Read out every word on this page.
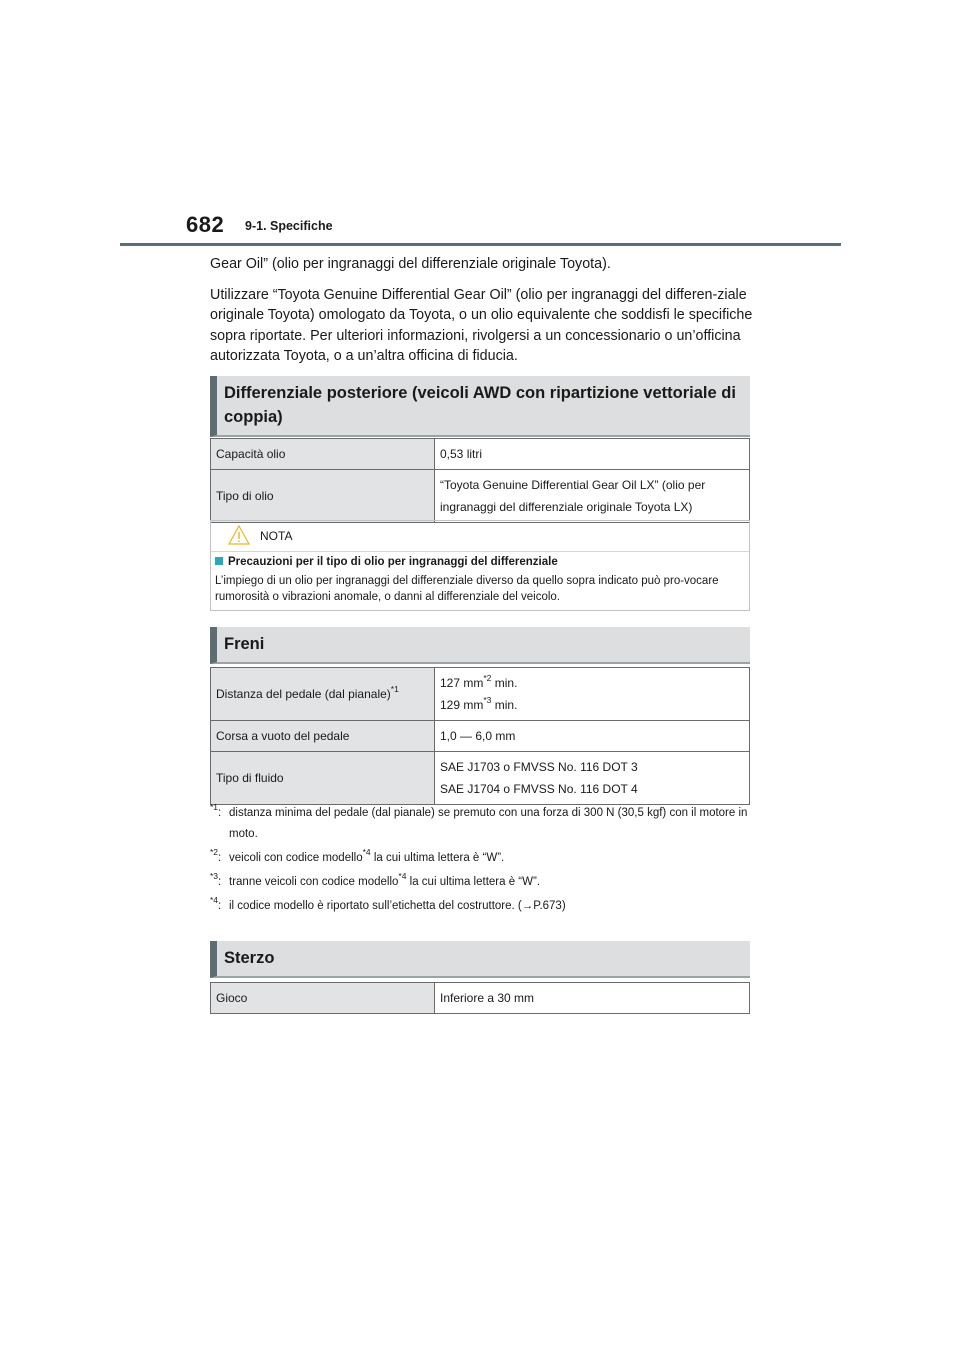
682 9-1. Specifiche

Gear Oil” (olio per ingranaggi del differenziale originale Toyota).

Utilizzare “Toyota Genuine Differential Gear Oil” (olio per ingranaggi del differen-ziale originale Toyota) omologato da Toyota, o un olio equivalente che soddisfi le specifiche sopra riportate. Per ulteriori informazioni, rivolgersi a un concessionario o un’officina autorizzata Toyota, o a un’altra officina di fiducia.

Differenziale posteriore (veicoli AWD con ripartizione vettoriale di coppia)
Capacità olio	0,53 litri
Tipo di olio	“Toyota Genuine Differential Gear Oil LX” (olio per ingranaggi del differenziale originale Toyota LX)
NOTA
Precauzioni per il tipo di olio per ingranaggi del differenziale
L’impiego di un olio per ingranaggi del differenziale diverso da quello sopra indicato può pro-vocare rumorosità o vibrazioni anomale, o danni al differenziale del veicolo.
Freni
Distanza del pedale (dal pianale)$^{*1}$	127 $mm^{*2}$ min.
129 $mm^{*3}$ min.

Corsa a vuoto del pedale	1,0 — 6,0 mm
Tipo di fluido	SAE J1703 o FMVSS No. 116 DOT 3
SAE J1704 o FMVSS No. 116 DOT 4
$^{*1}$: distanza minima del pedale (dal pianale) se premuto con una forza di 300 N (30,5 kgf) con il motore in moto.
$^{*2}$: veicoli con codice modello$^{*4}$ la cui ultima lettera è “W”.
$^{*3}$: tranne veicoli con codice modello$^{*4}$ la cui ultima lettera è “W”.
$^{*4}$: il codice modello è riportato sull’etichetta del costruttore. (→P.673)
Sterzo
Gioco	Inferiore a 30 mm
